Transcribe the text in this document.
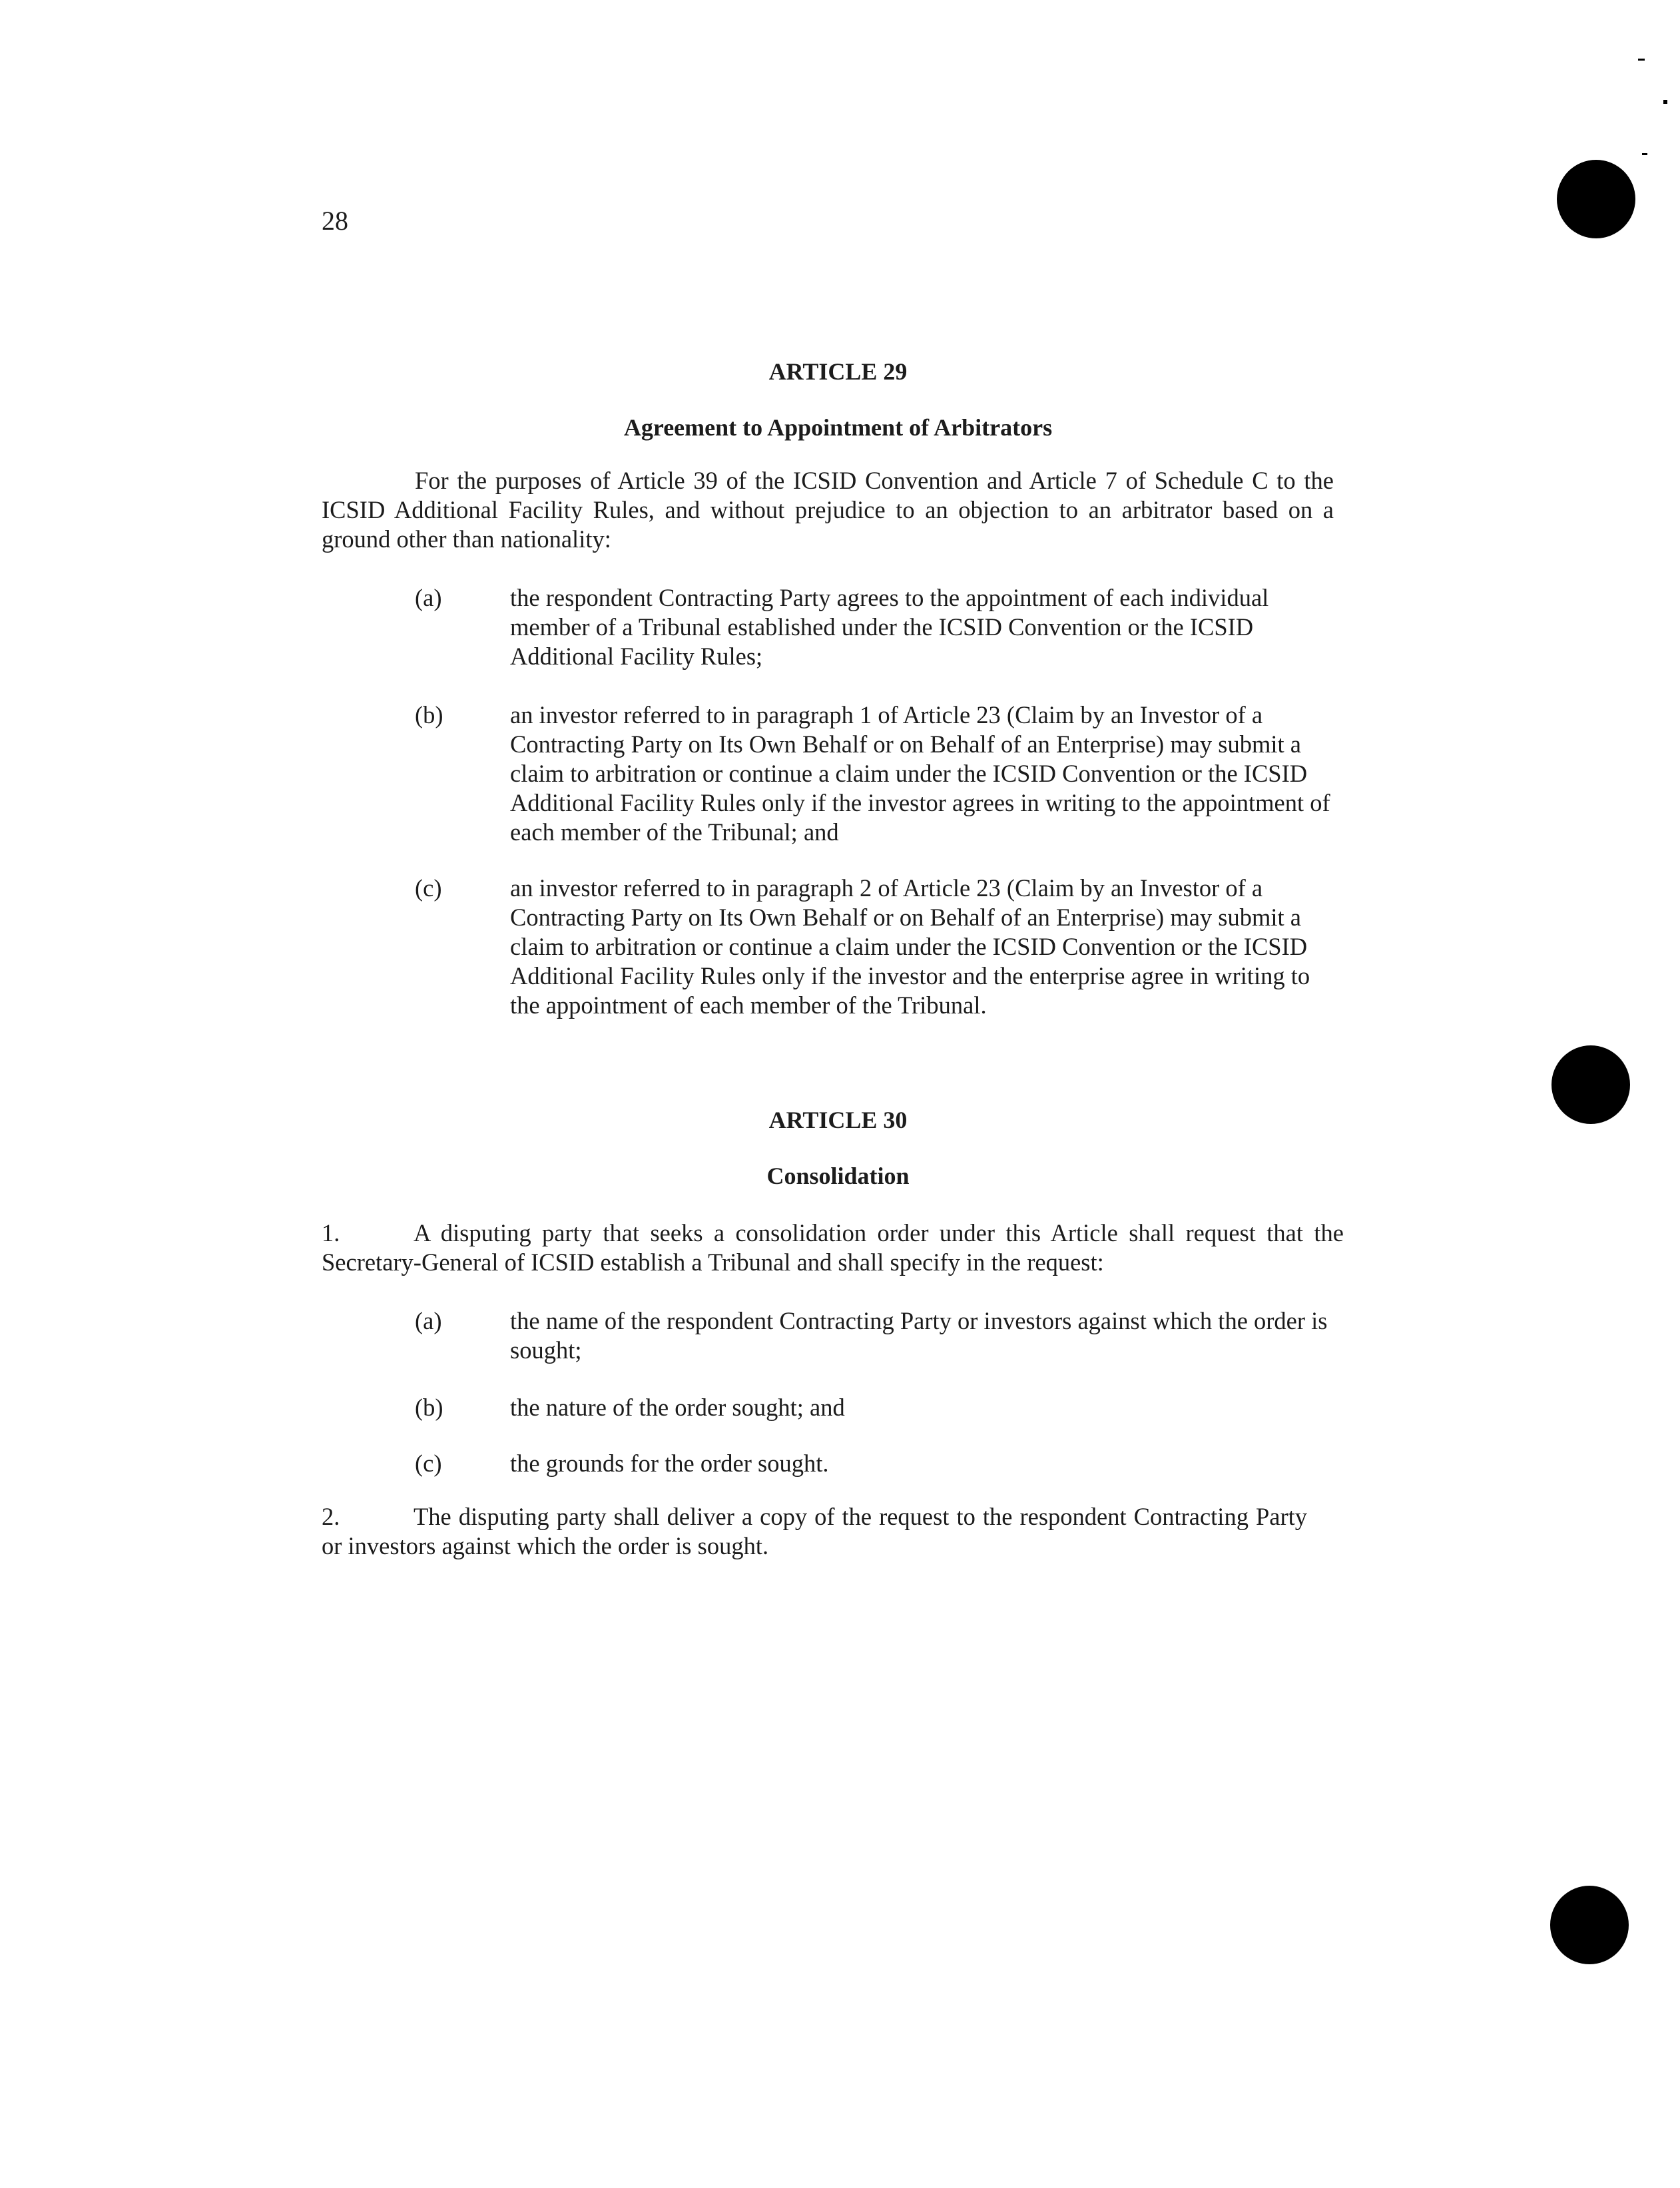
28
ARTICLE 29
Agreement to Appointment of Arbitrators
For the purposes of Article 39 of the ICSID Convention and Article 7 of Schedule C to the ICSID Additional Facility Rules, and without prejudice to an objection to an arbitrator based on a ground other than nationality:
(a)	the respondent Contracting Party agrees to the appointment of each individual member of a Tribunal established under the ICSID Convention or the ICSID Additional Facility Rules;
(b)	an investor referred to in paragraph 1 of Article 23 (Claim by an Investor of a Contracting Party on Its Own Behalf or on Behalf of an Enterprise) may submit a claim to arbitration or continue a claim under the ICSID Convention or the ICSID Additional Facility Rules only if the investor agrees in writing to the appointment of each member of the Tribunal; and
(c)	an investor referred to in paragraph 2 of Article 23 (Claim by an Investor of a Contracting Party on Its Own Behalf or on Behalf of an Enterprise) may submit a claim to arbitration or continue a claim under the ICSID Convention or the ICSID Additional Facility Rules only if the investor and the enterprise agree in writing to the appointment of each member of the Tribunal.
ARTICLE 30
Consolidation
1.	A disputing party that seeks a consolidation order under this Article shall request that the Secretary-General of ICSID establish a Tribunal and shall specify in the request:
(a)	the name of the respondent Contracting Party or investors against which the order is sought;
(b)	the nature of the order sought; and
(c)	the grounds for the order sought.
2.	The disputing party shall deliver a copy of the request to the respondent Contracting Party or investors against which the order is sought.
